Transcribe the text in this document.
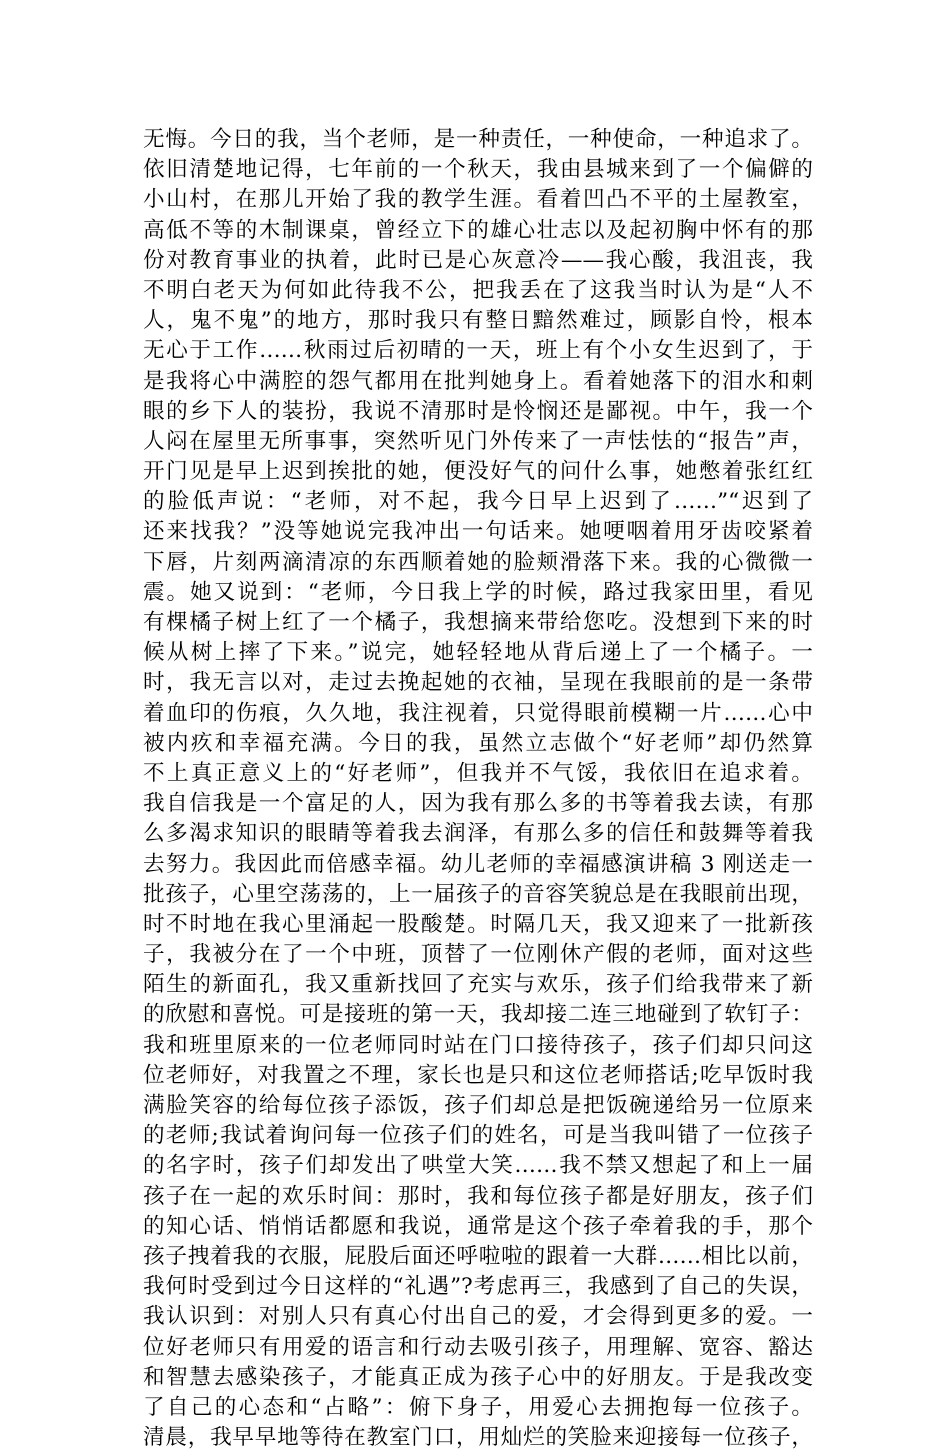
无悔。今日的我，当个老师，是一种责任，一种使命，一种追求了。
依旧清楚地记得，七年前的一个秋天，我由县城来到了一个偏僻的
小山村，在那儿开始了我的教学生涯。看着凹凸不平的土屋教室，
高低不等的木制课桌，曾经立下的雄心壮志以及起初胸中怀有的那
份对教育事业的执着，此时已是心灰意冷——我心酸，我沮丧，我
不明白老天为何如此待我不公，把我丢在了这我当时认为是“人不
人，鬼不鬼”的地方，那时我只有整日黯然难过，顾影自怜，根本
无心于工作……秋雨过后初晴的一天，班上有个小女生迟到了，于
是我将心中满腔的怨气都用在批判她身上。看着她落下的泪水和刺
眼的乡下人的装扮，我说不清那时是怜悯还是鄙视。中午，我一个
人闷在屋里无所事事，突然听见门外传来了一声怯怯的“报告”声，
开门见是早上迟到挨批的她，便没好气的问什么事，她憋着张红红
的脸低声说：“老师，对不起，我今日早上迟到了……”“迟到了
还来找我？”没等她说完我冲出一句话来。她哽咽着用牙齿咬紧着
下唇，片刻两滴清凉的东西顺着她的脸颊滑落下来。我的心微微一
震。她又说到：“老师，今日我上学的时候，路过我家田里，看见
有棵橘子树上红了一个橘子，我想摘来带给您吃。没想到下来的时
候从树上摔了下来。”说完，她轻轻地从背后递上了一个橘子。一
时，我无言以对，走过去挽起她的衣袖，呈现在我眼前的是一条带
着血印的伤痕，久久地，我注视着，只觉得眼前模糊一片……心中
被内疚和幸福充满。今日的我，虽然立志做个“好老师”却仍然算
不上真正意义上的“好老师”，但我并不气馁，我依旧在追求着。
我自信我是一个富足的人，因为我有那么多的书等着我去读，有那
么多渴求知识的眼睛等着我去润泽，有那么多的信任和鼓舞等着我
去努力。我因此而倍感幸福。幼儿老师的幸福感演讲稿 3 刚送走一
批孩子，心里空荡荡的，上一届孩子的音容笑貌总是在我眼前出现，
时不时地在我心里涌起一股酸楚。时隔几天，我又迎来了一批新孩
子，我被分在了一个中班，顶替了一位刚休产假的老师，面对这些
陌生的新面孔，我又重新找回了充实与欢乐，孩子们给我带来了新
的欣慰和喜悦。可是接班的第一天，我却接二连三地碰到了软钉子：
我和班里原来的一位老师同时站在门口接待孩子，孩子们却只问这
位老师好，对我置之不理，家长也是只和这位老师搭话;吃早饭时我
满脸笑容的给每位孩子添饭，孩子们却总是把饭碗递给另一位原来
的老师;我试着询问每一位孩子们的姓名，可是当我叫错了一位孩子
的名字时，孩子们却发出了哄堂大笑……我不禁又想起了和上一届
孩子在一起的欢乐时间：那时，我和每位孩子都是好朋友，孩子们
的知心话、悄悄话都愿和我说，通常是这个孩子牵着我的手，那个
孩子拽着我的衣服，屁股后面还呼啦啦的跟着一大群……相比以前，
我何时受到过今日这样的“礼遇”?考虑再三，我感到了自己的失误，
我认识到：对别人只有真心付出自己的爱，才会得到更多的爱。一
位好老师只有用爱的语言和行动去吸引孩子，用理解、宽容、豁达
和智慧去感染孩子，才能真正成为孩子心中的好朋友。于是我改变
了自己的心态和“占略”：俯下身子，用爱心去拥抱每一位孩子。
清晨，我早早地等待在教室门口，用灿烂的笑脸来迎接每一位孩子，
